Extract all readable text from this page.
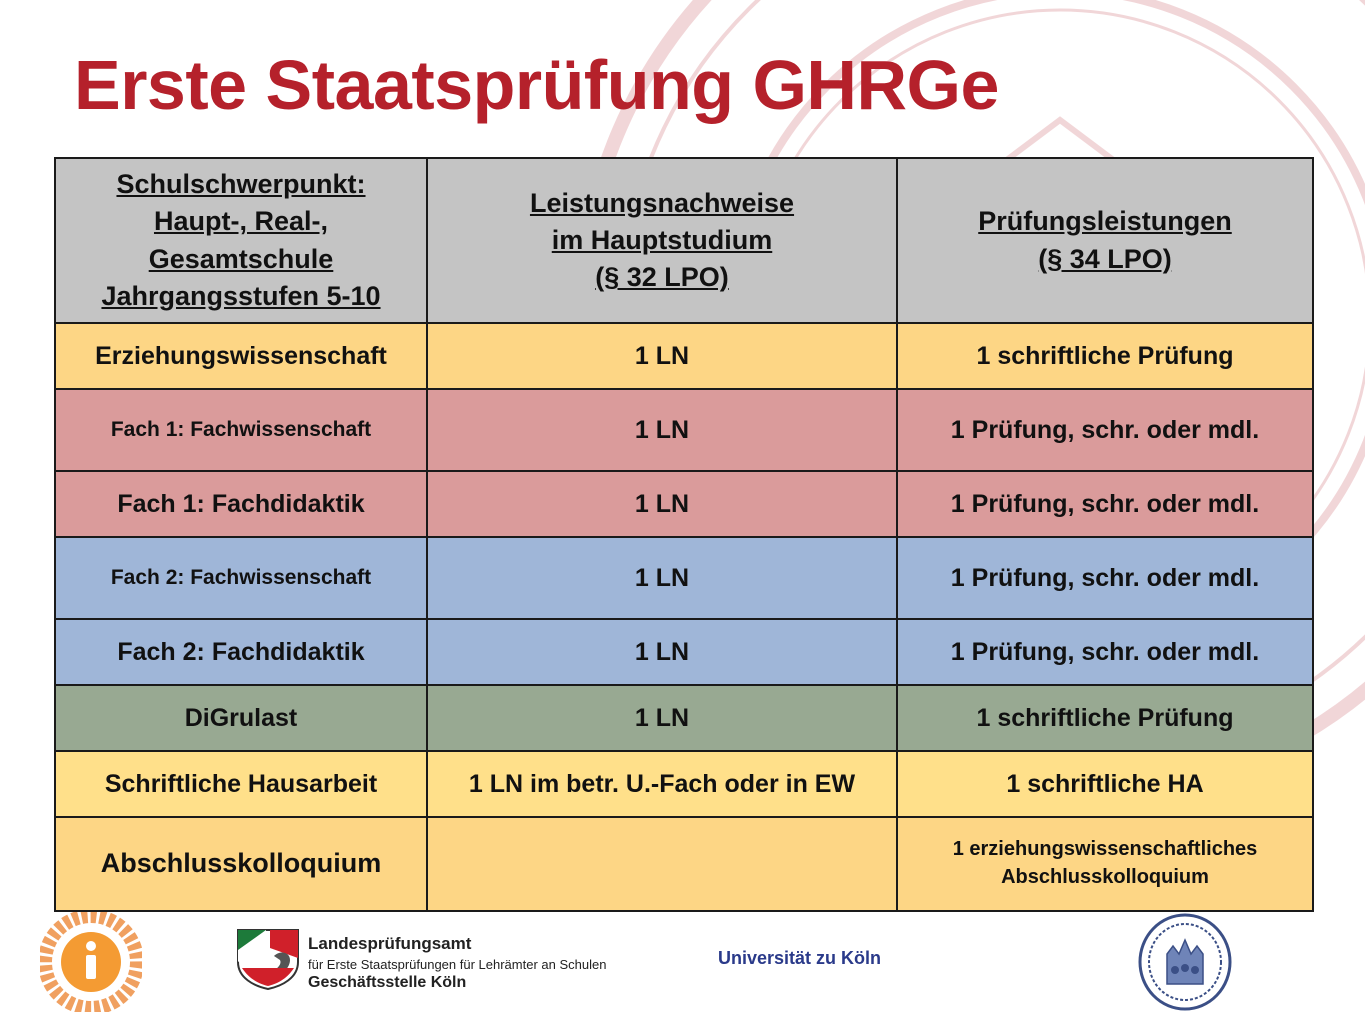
Erste Staatsprüfung GHRGe
Schulschwerpunkt:
Haupt-, Real-,
Gesamtschule
Jahrgangsstufen 5-10	Leistungsnachweise
im Hauptstudium
(§ 32 LPO)	Prüfungsleistungen
(§ 34 LPO)
Erziehungswissenschaft	1 LN	1 schriftliche Prüfung
Fach 1: Fachwissenschaft	1 LN	1 Prüfung, schr. oder mdl.
Fach 1: Fachdidaktik	1 LN	1 Prüfung, schr. oder mdl.
Fach 2: Fachwissenschaft	1 LN	1 Prüfung, schr. oder mdl.
Fach 2: Fachdidaktik	1 LN	1 Prüfung, schr. oder mdl.
DiGrulast	1 LN	1 schriftliche Prüfung
Schriftliche Hausarbeit	1 LN im betr. U.-Fach oder in EW	1 schriftliche HA
Abschlusskolloquium		1 erziehungswissenschaftliches Abschlusskolloquium
Landesprüfungsamt
für Erste Staatsprüfungen für Lehrämter an Schulen
Geschäftsstelle Köln
Universität zu Köln
